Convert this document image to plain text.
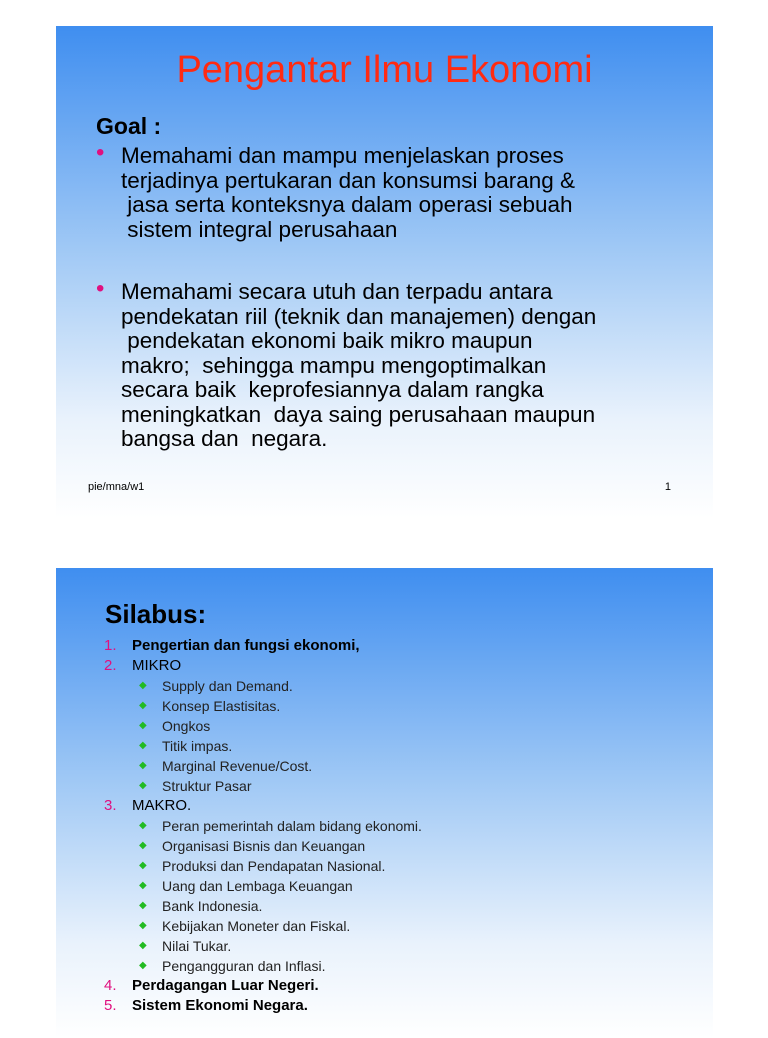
Pengantar Ilmu Ekonomi
Goal :
• Memahami dan mampu menjelaskan proses
terjadinya pertukaran dan konsumsi barang &
jasa serta konteksnya dalam operasi sebuah
sistem integral perusahaan
• Memahami secara utuh dan terpadu antara
pendekatan riil (teknik dan manajemen) dengan
pendekatan ekonomi baik mikro maupun
makro;  sehingga mampu mengoptimalkan
secara baik  keprofesiannya dalam rangka
meningkatkan  daya saing perusahaan maupun
bangsa dan  negara.
pie/mna/w1	1
Silabus:
1. Pengertian dan fungsi ekonomi,
2. MIKRO
◆ Supply dan Demand.
◆ Konsep Elastisitas.
◆ Ongkos
◆ Titik impas.
◆ Marginal Revenue/Cost.
◆ Struktur Pasar
3. MAKRO.
◆ Peran pemerintah dalam bidang ekonomi.
◆ Organisasi Bisnis dan Keuangan
◆ Produksi dan Pendapatan Nasional.
◆ Uang dan Lembaga Keuangan
◆ Bank Indonesia.
◆ Kebijakan Moneter dan Fiskal.
◆ Nilai Tukar.
◆ Pengangguran dan Inflasi.
4. Perdagangan Luar Negeri.
5. Sistem Ekonomi Negara.
